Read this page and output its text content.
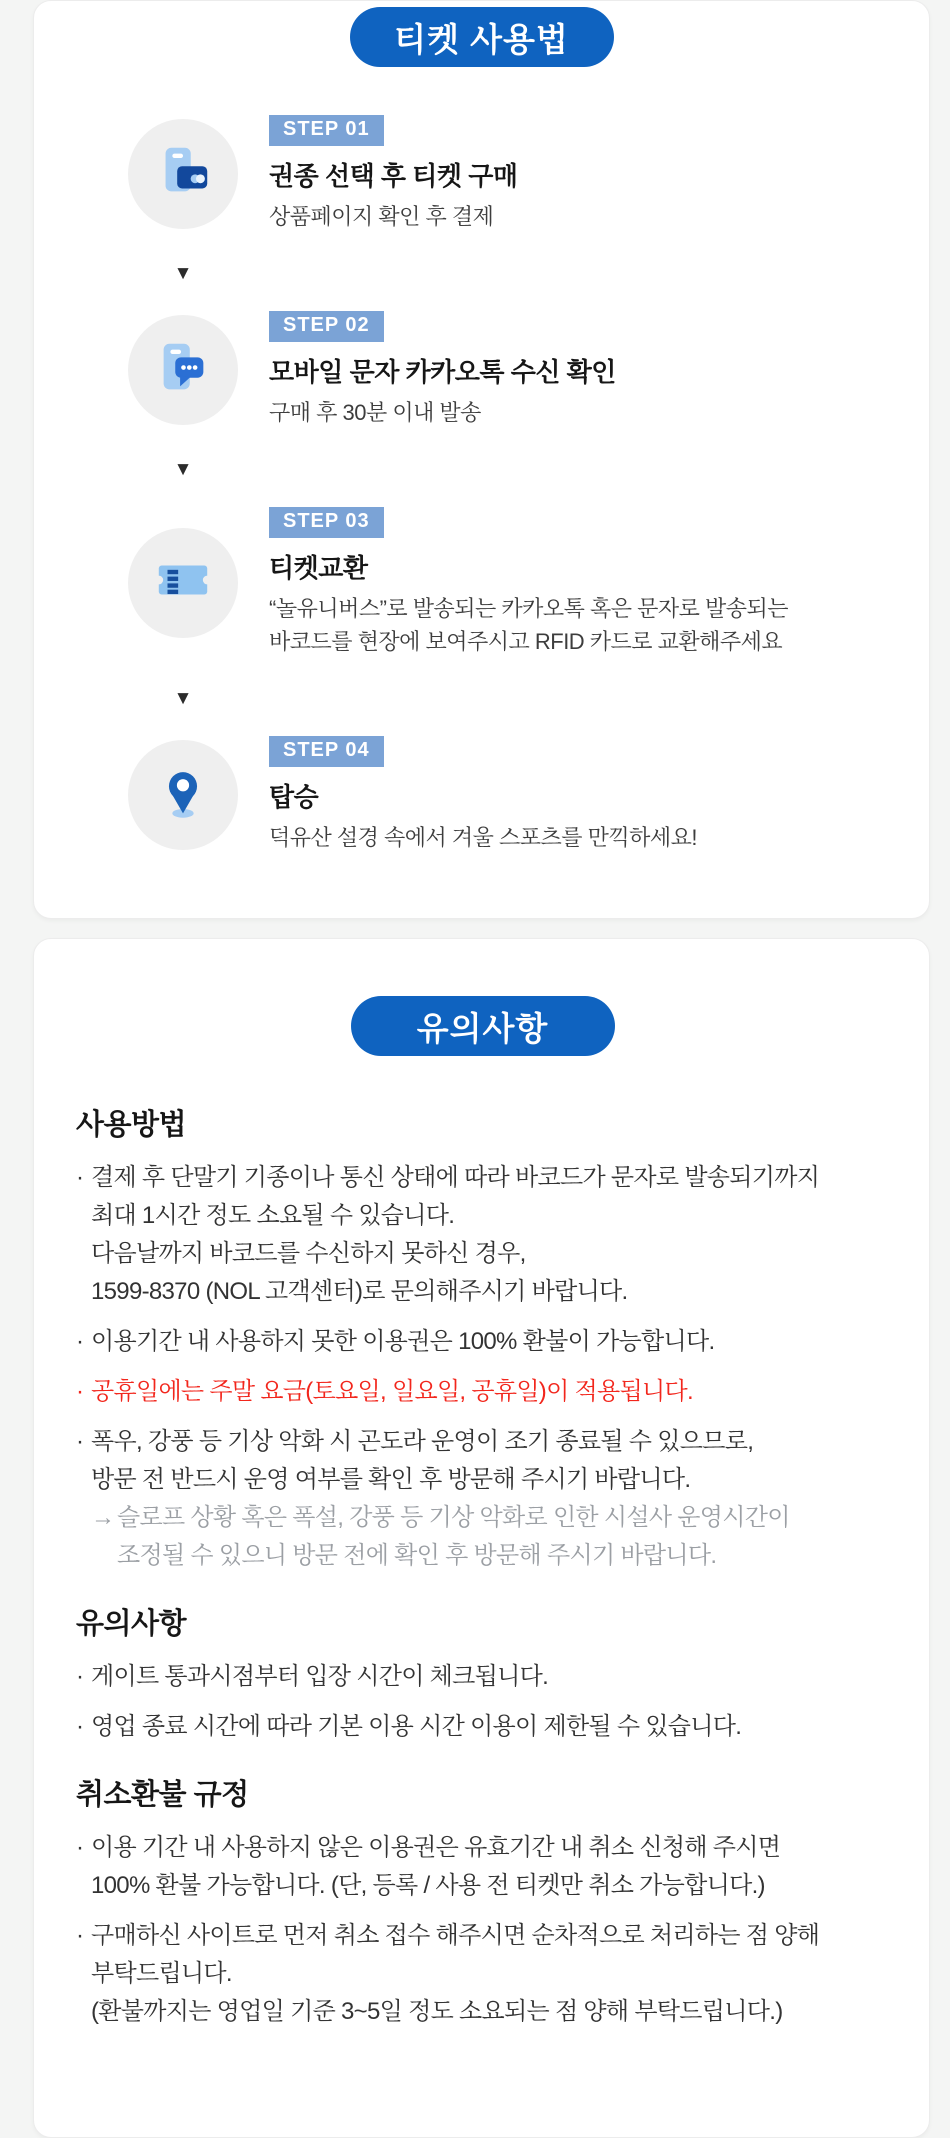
티켓 사용법
STEP 01
권종 선택 후 티켓 구매
상품페이지 확인 후 결제
▼
STEP 02
모바일 문자 카카오톡 수신 확인
구매 후 30분 이내 발송
▼
STEP 03
티켓교환
“놀유니버스”로 발송되는 카카오톡 혹은 문자로 발송되는
바코드를 현장에 보여주시고 RFID 카드로 교환해주세요
▼
STEP 04
탑승
덕유산 설경 속에서 겨울 스포츠를 만끽하세요!
유의사항
사용방법
· 결제 후 단말기 기종이나 통신 상태에 따라 바코드가 문자로 발송되기까지
최대 1시간 정도 소요될 수 있습니다.
다음날까지 바코드를 수신하지 못하신 경우,
1599-8370 (NOL 고객센터)로 문의해주시기 바랍니다.
· 이용기간 내 사용하지 못한 이용권은 100% 환불이 가능합니다.
· 공휴일에는 주말 요금(토요일, 일요일, 공휴일)이 적용됩니다.
· 폭우, 강풍 등 기상 악화 시 곤도라 운영이 조기 종료될 수 있으므로,
방문 전 반드시 운영 여부를 확인 후 방문해 주시기 바랍니다.
→ 슬로프 상황 혹은 폭설, 강풍 등 기상 악화로 인한 시설사 운영시간이
조정될 수 있으니 방문 전에 확인 후 방문해 주시기 바랍니다.
유의사항
· 게이트 통과시점부터 입장 시간이 체크됩니다.
· 영업 종료 시간에 따라 기본 이용 시간 이용이 제한될 수 있습니다.
취소환불 규정
· 이용 기간 내 사용하지 않은 이용권은 유효기간 내 취소 신청해 주시면
100% 환불 가능합니다. (단, 등록 / 사용 전 티켓만 취소 가능합니다.)
· 구매하신 사이트로 먼저 취소 접수 해주시면 순차적으로 처리하는 점 양해
부탁드립니다.
(환불까지는 영업일 기준 3~5일 정도 소요되는 점 양해 부탁드립니다.)
